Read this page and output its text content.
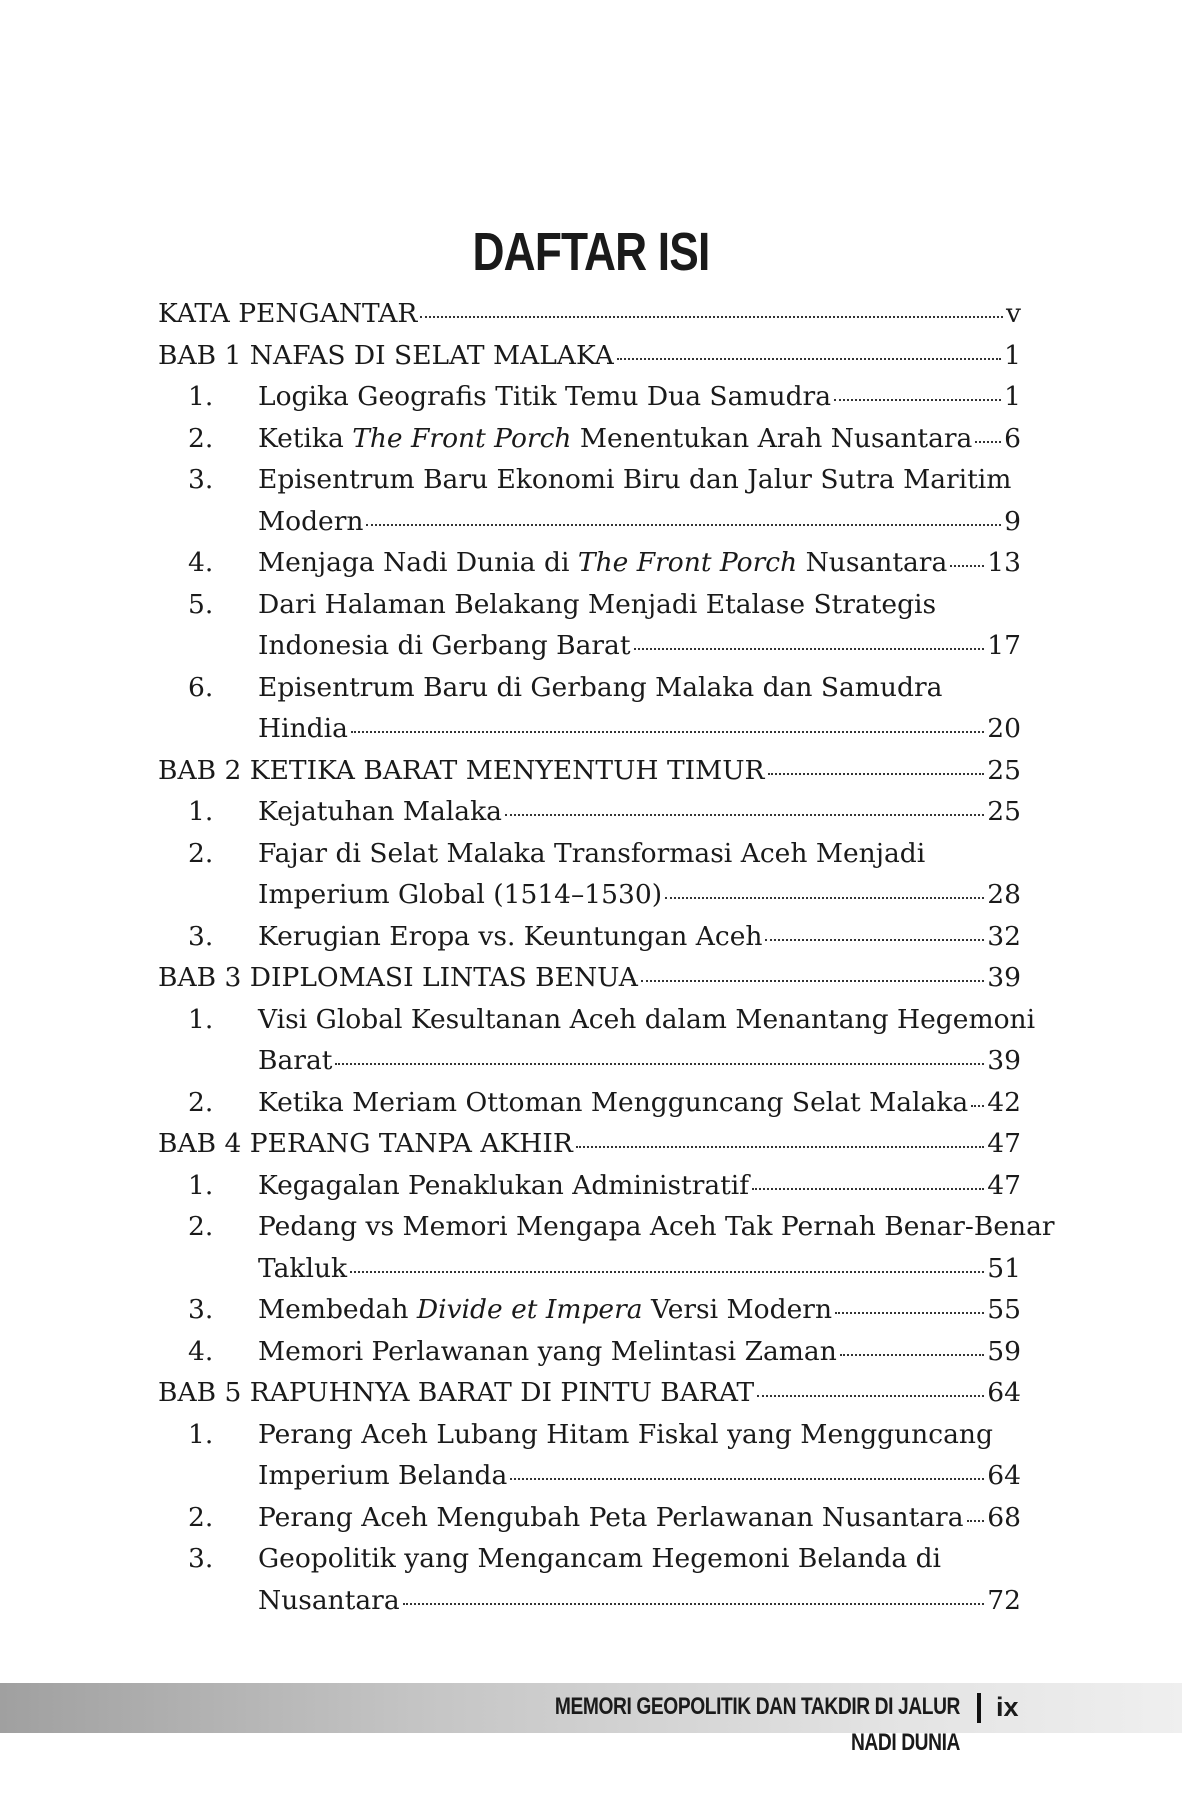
DAFTAR ISI
KATA PENGANTAR	v
BAB 1 NAFAS DI SELAT MALAKA	1
1.	Logika Geografis Titik Temu Dua Samudra	1
2.	Ketika The Front Porch Menentukan Arah Nusantara 6
3.	Episentrum Baru Ekonomi Biru dan Jalur Sutra Maritim
Modern	9
4.	Menjaga Nadi Dunia di The Front Porch Nusantara 13
5.	Dari Halaman Belakang Menjadi Etalase Strategis
Indonesia di Gerbang Barat	17
6.	Episentrum Baru di Gerbang Malaka dan Samudra
Hindia	20
BAB 2 KETIKA BARAT MENYENTUH TIMUR	25
1.	Kejatuhan Malaka	25
2.	Fajar di Selat Malaka Transformasi Aceh Menjadi
Imperium Global (1514–1530)	28
3.	Kerugian Eropa vs. Keuntungan Aceh	32
BAB 3 DIPLOMASI LINTAS BENUA	39
1.	Visi Global Kesultanan Aceh dalam Menantang Hegemoni
Barat	39
2.	Ketika Meriam Ottoman Mengguncang Selat Malaka 42
BAB 4 PERANG TANPA AKHIR	47
1.	Kegagalan Penaklukan Administratif	47
2.	Pedang vs Memori Mengapa Aceh Tak Pernah Benar-Benar
Takluk	51
3.	Membedah Divide et Impera Versi Modern	55
4.	Memori Perlawanan yang Melintasi Zaman	59
BAB 5 RAPUHNYA BARAT DI PINTU BARAT	64
1.	Perang Aceh Lubang Hitam Fiskal yang Mengguncang
Imperium Belanda	64
2.	Perang Aceh Mengubah Peta Perlawanan Nusantara 68
3.	Geopolitik yang Mengancam Hegemoni Belanda di
Nusantara	72
MEMORI GEOPOLITIK DAN TAKDIR DI JALUR NADI DUNIA
ix
